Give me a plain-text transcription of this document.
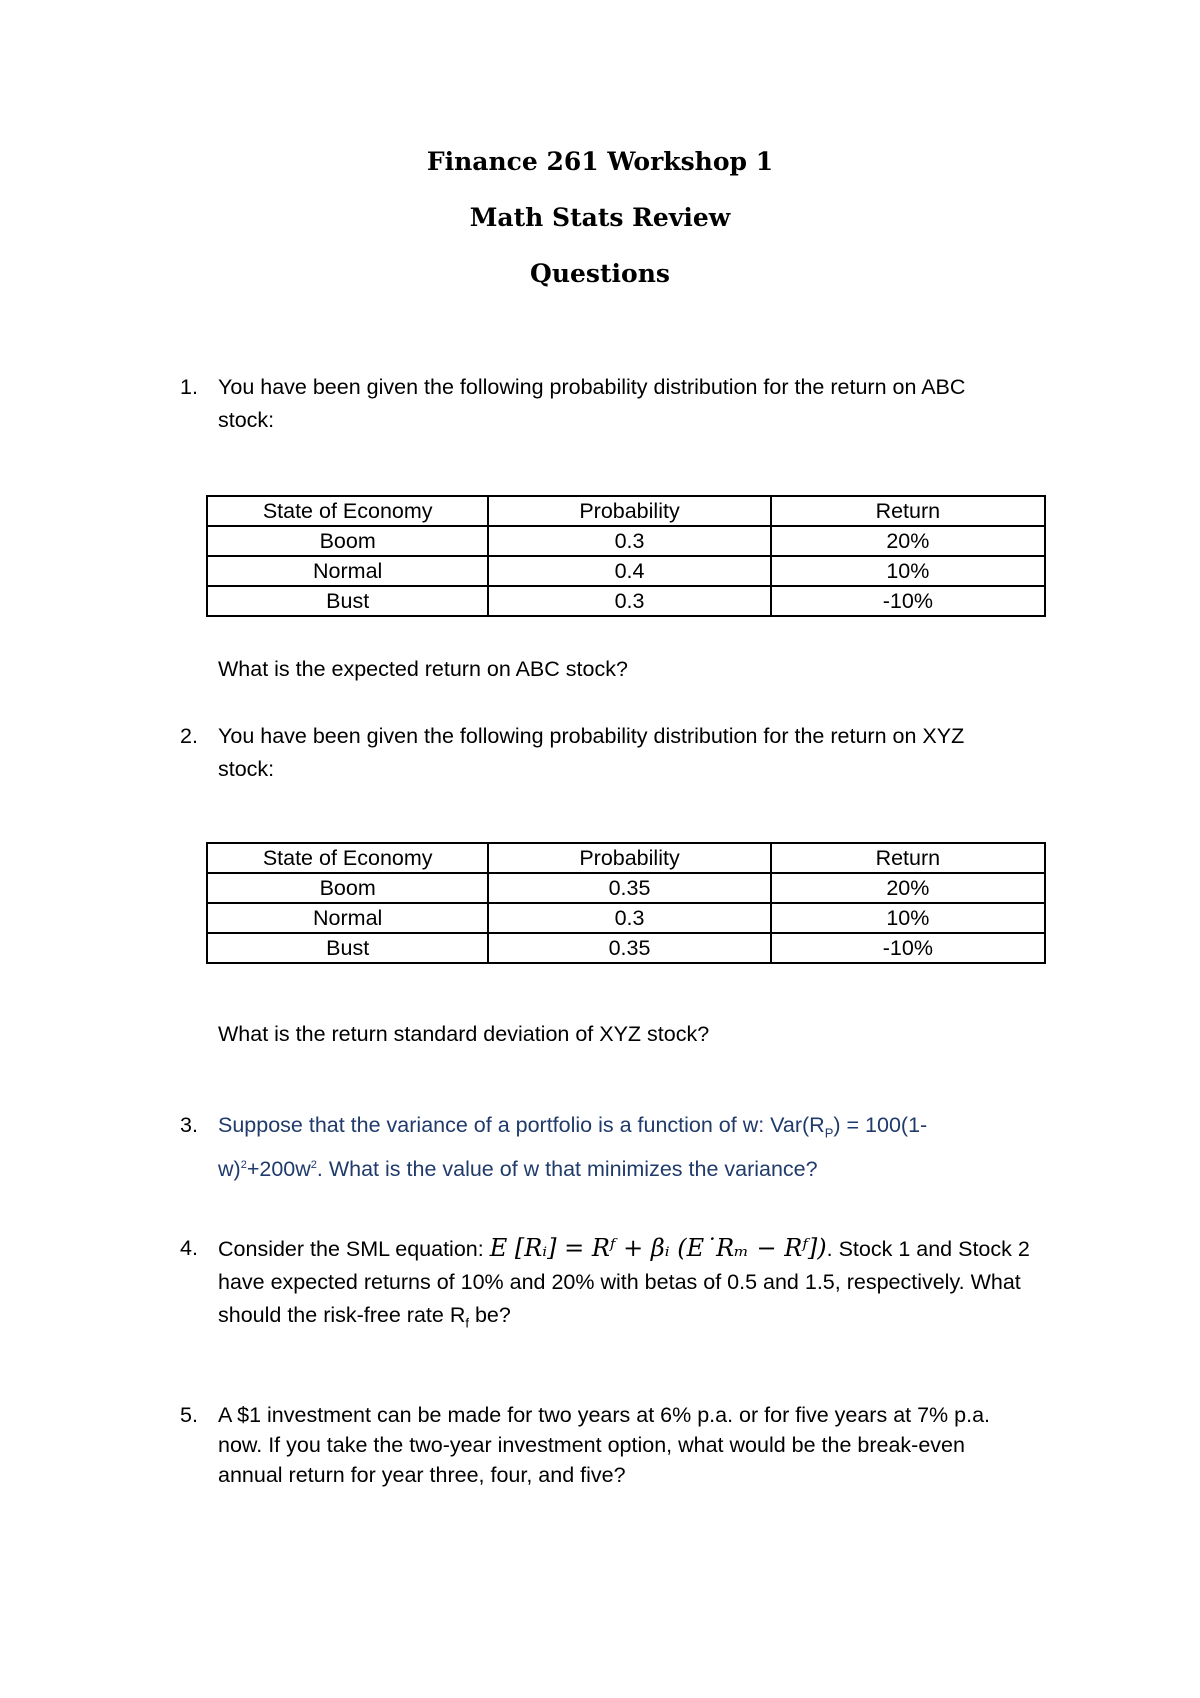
Finance 261 Workshop 1
Math Stats Review
Questions
1. You have been given the following probability distribution for the return on ABC
stock:
State of Economy	Probability	Return
Boom	0.3	20%
Normal	0.4	10%
Bust	0.3	-10%
What is the expected return on ABC stock?
2. You have been given the following probability distribution for the return on XYZ
stock:
State of Economy	Probability	Return
Boom	0.35	20%
Normal	0.3	10%
Bust	0.35	-10%
What is the return standard deviation of XYZ stock?
3. Suppose that the variance of a portfolio is a function of w: $Var(R_P) = 100(1-$
$w)^2+200w^2$. What is the value of w that minimizes the variance?
4. Consider the SML equation: E [Rᵢ] = Rᶠ + βᵢ (E˙Rₘ − Rᶠ]). Stock 1 and Stock 2
have expected returns of 10% and 20% with betas of 0.5 and 1.5, respectively. What
should the risk-free rate $R_f$ be?
5. A $1 investment can be made for two years at 6% p.a. or for five years at 7% p.a.
now. If you take the two-year investment option, what would be the break-even
annual return for year three, four, and five?
